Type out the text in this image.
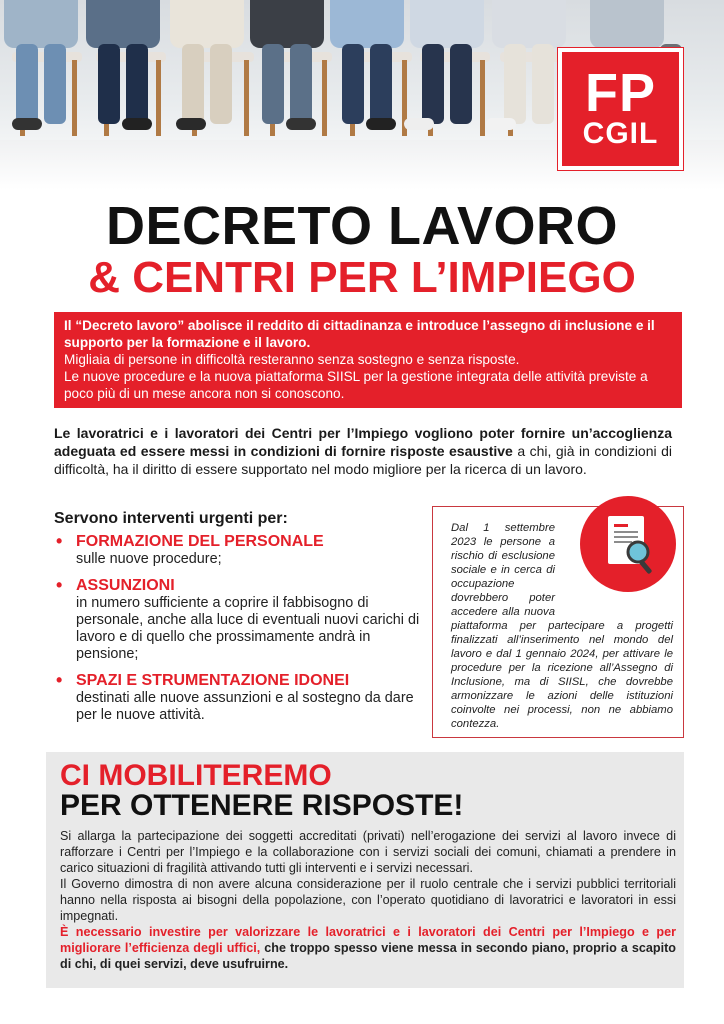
FP
CGIL
DECRETO LAVORO
& CENTRI PER L’IMPIEGO
Il “Decreto lavoro” abolisce il reddito di cittadinanza e introduce l’assegno di inclusione e il supporto per la formazione e il lavoro.
Migliaia di persone in difficoltà resteranno senza sostegno e senza risposte.
Le nuove procedure e la nuova piattaforma SIISL per la gestione integrata delle attività previste a poco più di un mese ancora non si conoscono.
Le lavoratrici e i lavoratori dei Centri per l’Impiego vogliono poter fornire un’accoglienza adeguata ed essere messi in condizioni di fornire risposte esaustive a chi, già in condizioni di difficoltà, ha il diritto di essere supportato nel modo migliore per la ricerca di un lavoro.
Servono interventi urgenti per:
• FORMAZIONE DEL PERSONALE
sulle nuove procedure;
• ASSUNZIONI
in numero sufficiente a coprire il fabbisogno di personale, anche alla luce di eventuali nuovi carichi di lavoro e di quello che prossimamente andrà in pensione;
• SPAZI E STRUMENTAZIONE IDONEI
destinati alle nuove assunzioni e al sostegno da dare per le nuove attività.
Dal 1 settembre 2023 le persone a rischio di esclusione sociale e in cerca di occupazione dovrebbero poter accedere alla nuova piattaforma per partecipare a progetti finalizzati all’inserimento nel mondo del lavoro e dal 1 gennaio 2024, per attivare le procedure per la ricezione all’Assegno di Inclusione, ma di SIISL, che dovrebbe armonizzare le azioni delle istituzioni coinvolte nei processi, non ne abbiamo contezza.
CI MOBILITEREMO
PER OTTENERE RISPOSTE!

Si allarga la partecipazione dei soggetti accreditati (privati) nell’erogazione dei servizi al lavoro invece di rafforzare i Centri per l’Impiego e la collaborazione con i servizi sociali dei comuni, chiamati a prendere in carico situazioni di fragilità attivando tutti gli interventi e i servizi necessari.

Il Governo dimostra di non avere alcuna considerazione per il ruolo centrale che i servizi pubblici territoriali hanno nella risposta ai bisogni della popolazione, con l’operato quotidiano di lavoratrici e lavoratori in essi impegnati.

È necessario investire per valorizzare le lavoratrici e i lavoratori dei Centri per l’Impiego e per migliorare l’efficienza degli uffici, che troppo spesso viene messa in secondo piano, proprio a scapito di chi, di quei servizi, deve usufruirne.
